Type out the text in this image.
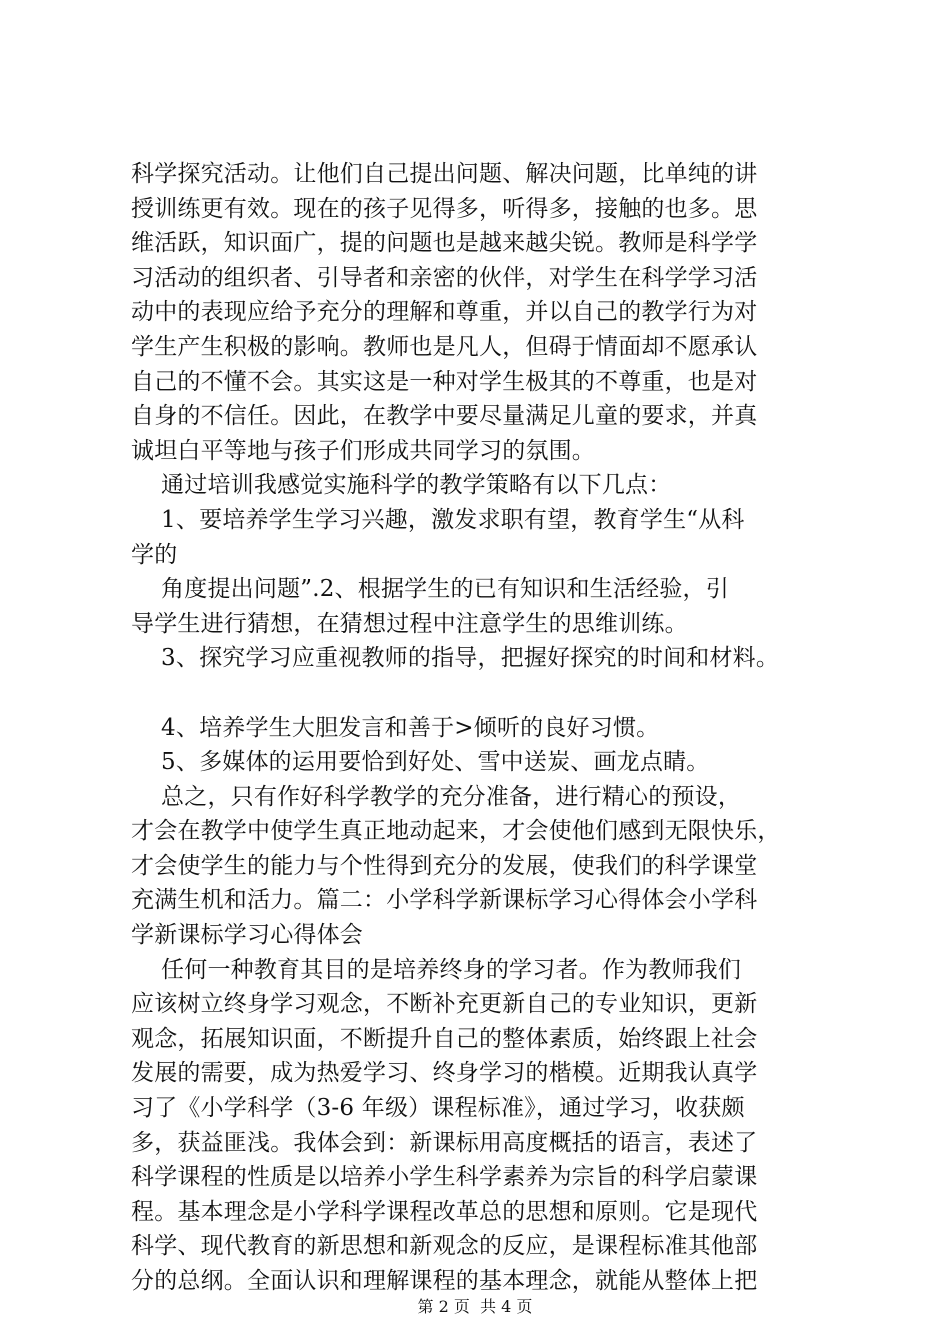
科学探究活动。让他们自己提出问题、解决问题，比单纯的讲
授训练更有效。现在的孩子见得多，听得多，接触的也多。思
维活跃，知识面广，提的问题也是越来越尖锐。教师是科学学
习活动的组织者、引导者和亲密的伙伴，对学生在科学学习活
动中的表现应给予充分的理解和尊重，并以自己的教学行为对
学生产生积极的影响。教师也是凡人，但碍于情面却不愿承认
自己的不懂不会。其实这是一种对学生极其的不尊重，也是对
自身的不信任。因此，在教学中要尽量满足儿童的要求，并真
诚坦白平等地与孩子们形成共同学习的氛围。
通过培训我感觉实施科学的教学策略有以下几点：
1、要培养学生学习兴趣，激发求职有望，教育学生“从科
学的
角度提出问题”.2、根据学生的已有知识和生活经验，引
导学生进行猜想，在猜想过程中注意学生的思维训练。
3、探究学习应重视教师的指导，把握好探究的时间和材料。
4、培养学生大胆发言和善于>倾听的良好习惯。
5、多媒体的运用要恰到好处、雪中送炭、画龙点睛。
总之，只有作好科学教学的充分准备，进行精心的预设，
才会在教学中使学生真正地动起来，才会使他们感到无限快乐，
才会使学生的能力与个性得到充分的发展，使我们的科学课堂
充满生机和活力。篇二：小学科学新课标学习心得体会小学科
学新课标学习心得体会
任何一种教育其目的是培养终身的学习者。作为教师我们
应该树立终身学习观念，不断补充更新自己的专业知识，更新
观念，拓展知识面，不断提升自己的整体素质，始终跟上社会
发展的需要，成为热爱学习、终身学习的楷模。近期我认真学
习了《小学科学（3-6 年级）课程标准》，通过学习，收获颇
多，获益匪浅。我体会到：新课标用高度概括的语言，表述了
科学课程的性质是以培养小学生科学素养为宗旨的科学启蒙课
程。基本理念是小学科学课程改革总的思想和原则。它是现代
科学、现代教育的新思想和新观念的反应，是课程标准其他部
分的总纲。全面认识和理解课程的基本理念，就能从整体上把
第 2 页  共 4 页
